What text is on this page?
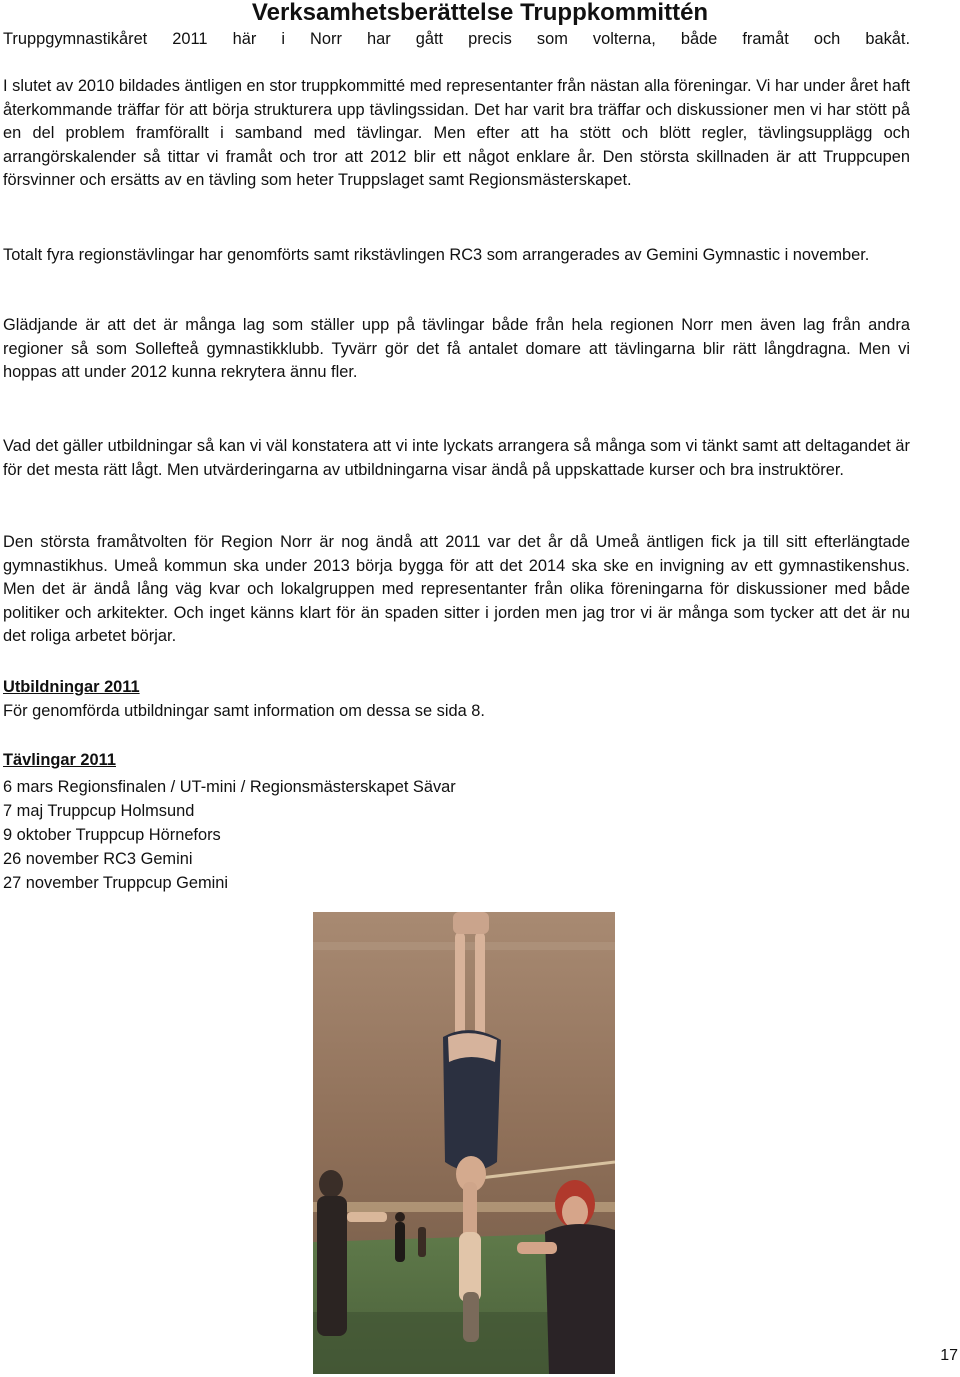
Verksamhetsberättelse Truppkommittén

Truppgymnastikåret 2011 här i Norr har gått precis som volterna, både framåt och bakåt.

I slutet av 2010 bildades äntligen en stor truppkommitté med representanter från nästan alla föreningar. Vi har under året haft återkommande träffar för att börja strukturera upp tävlingssidan. Det har varit bra träffar och diskussioner men vi har stött på en del problem framförallt i samband med tävlingar. Men efter att ha stött och blött regler, tävlingsupplägg och arrangörskalender så tittar vi framåt och tror att 2012 blir ett något enklare år. Den största skillnaden är att Truppcupen försvinner och ersätts av en tävling som heter Truppslaget samt Regionsmästerskapet.

Totalt fyra regionstävlingar har genomförts samt rikstävlingen RC3 som arrangerades av Gemini Gymnastic i november.

Glädjande är att det är många lag som ställer upp på tävlingar både från hela regionen Norr men även lag från andra regioner så som Sollefteå gymnastikklubb. Tyvärr gör det få antalet domare att tävlingarna blir rätt långdragna. Men vi hoppas att under 2012 kunna rekrytera ännu fler.

Vad det gäller utbildningar så kan vi väl konstatera att vi inte lyckats arrangera så många som vi tänkt samt att deltagandet är för det mesta rätt lågt. Men utvärderingarna av utbildningarna visar ändå på uppskattade kurser och bra instruktörer.

Den största framåtvolten för Region Norr är nog ändå att 2011 var det år då Umeå äntligen fick ja till sitt efterlängtade gymnastikhus. Umeå kommun ska under 2013 börja bygga för att det 2014 ska ske en invigning av ett gymnastikenshus. Men det är ändå lång väg kvar och lokalgruppen med representanter från olika föreningarna för diskussioner med både politiker och arkitekter. Och inget känns klart för än spaden sitter i jorden men jag tror vi är många som tycker att det är nu det roliga arbetet börjar.

Utbildningar 2011

För genomförda utbildningar samt information om dessa se sida 8.

Tävlingar 2011

6 mars Regionsfinalen / UT-mini / Regionsmästerskapet Sävar
7 maj Truppcup Holmsund
9 oktober Truppcup Hörnefors
26 november RC3 Gemini
27 november Truppcup Gemini
17
